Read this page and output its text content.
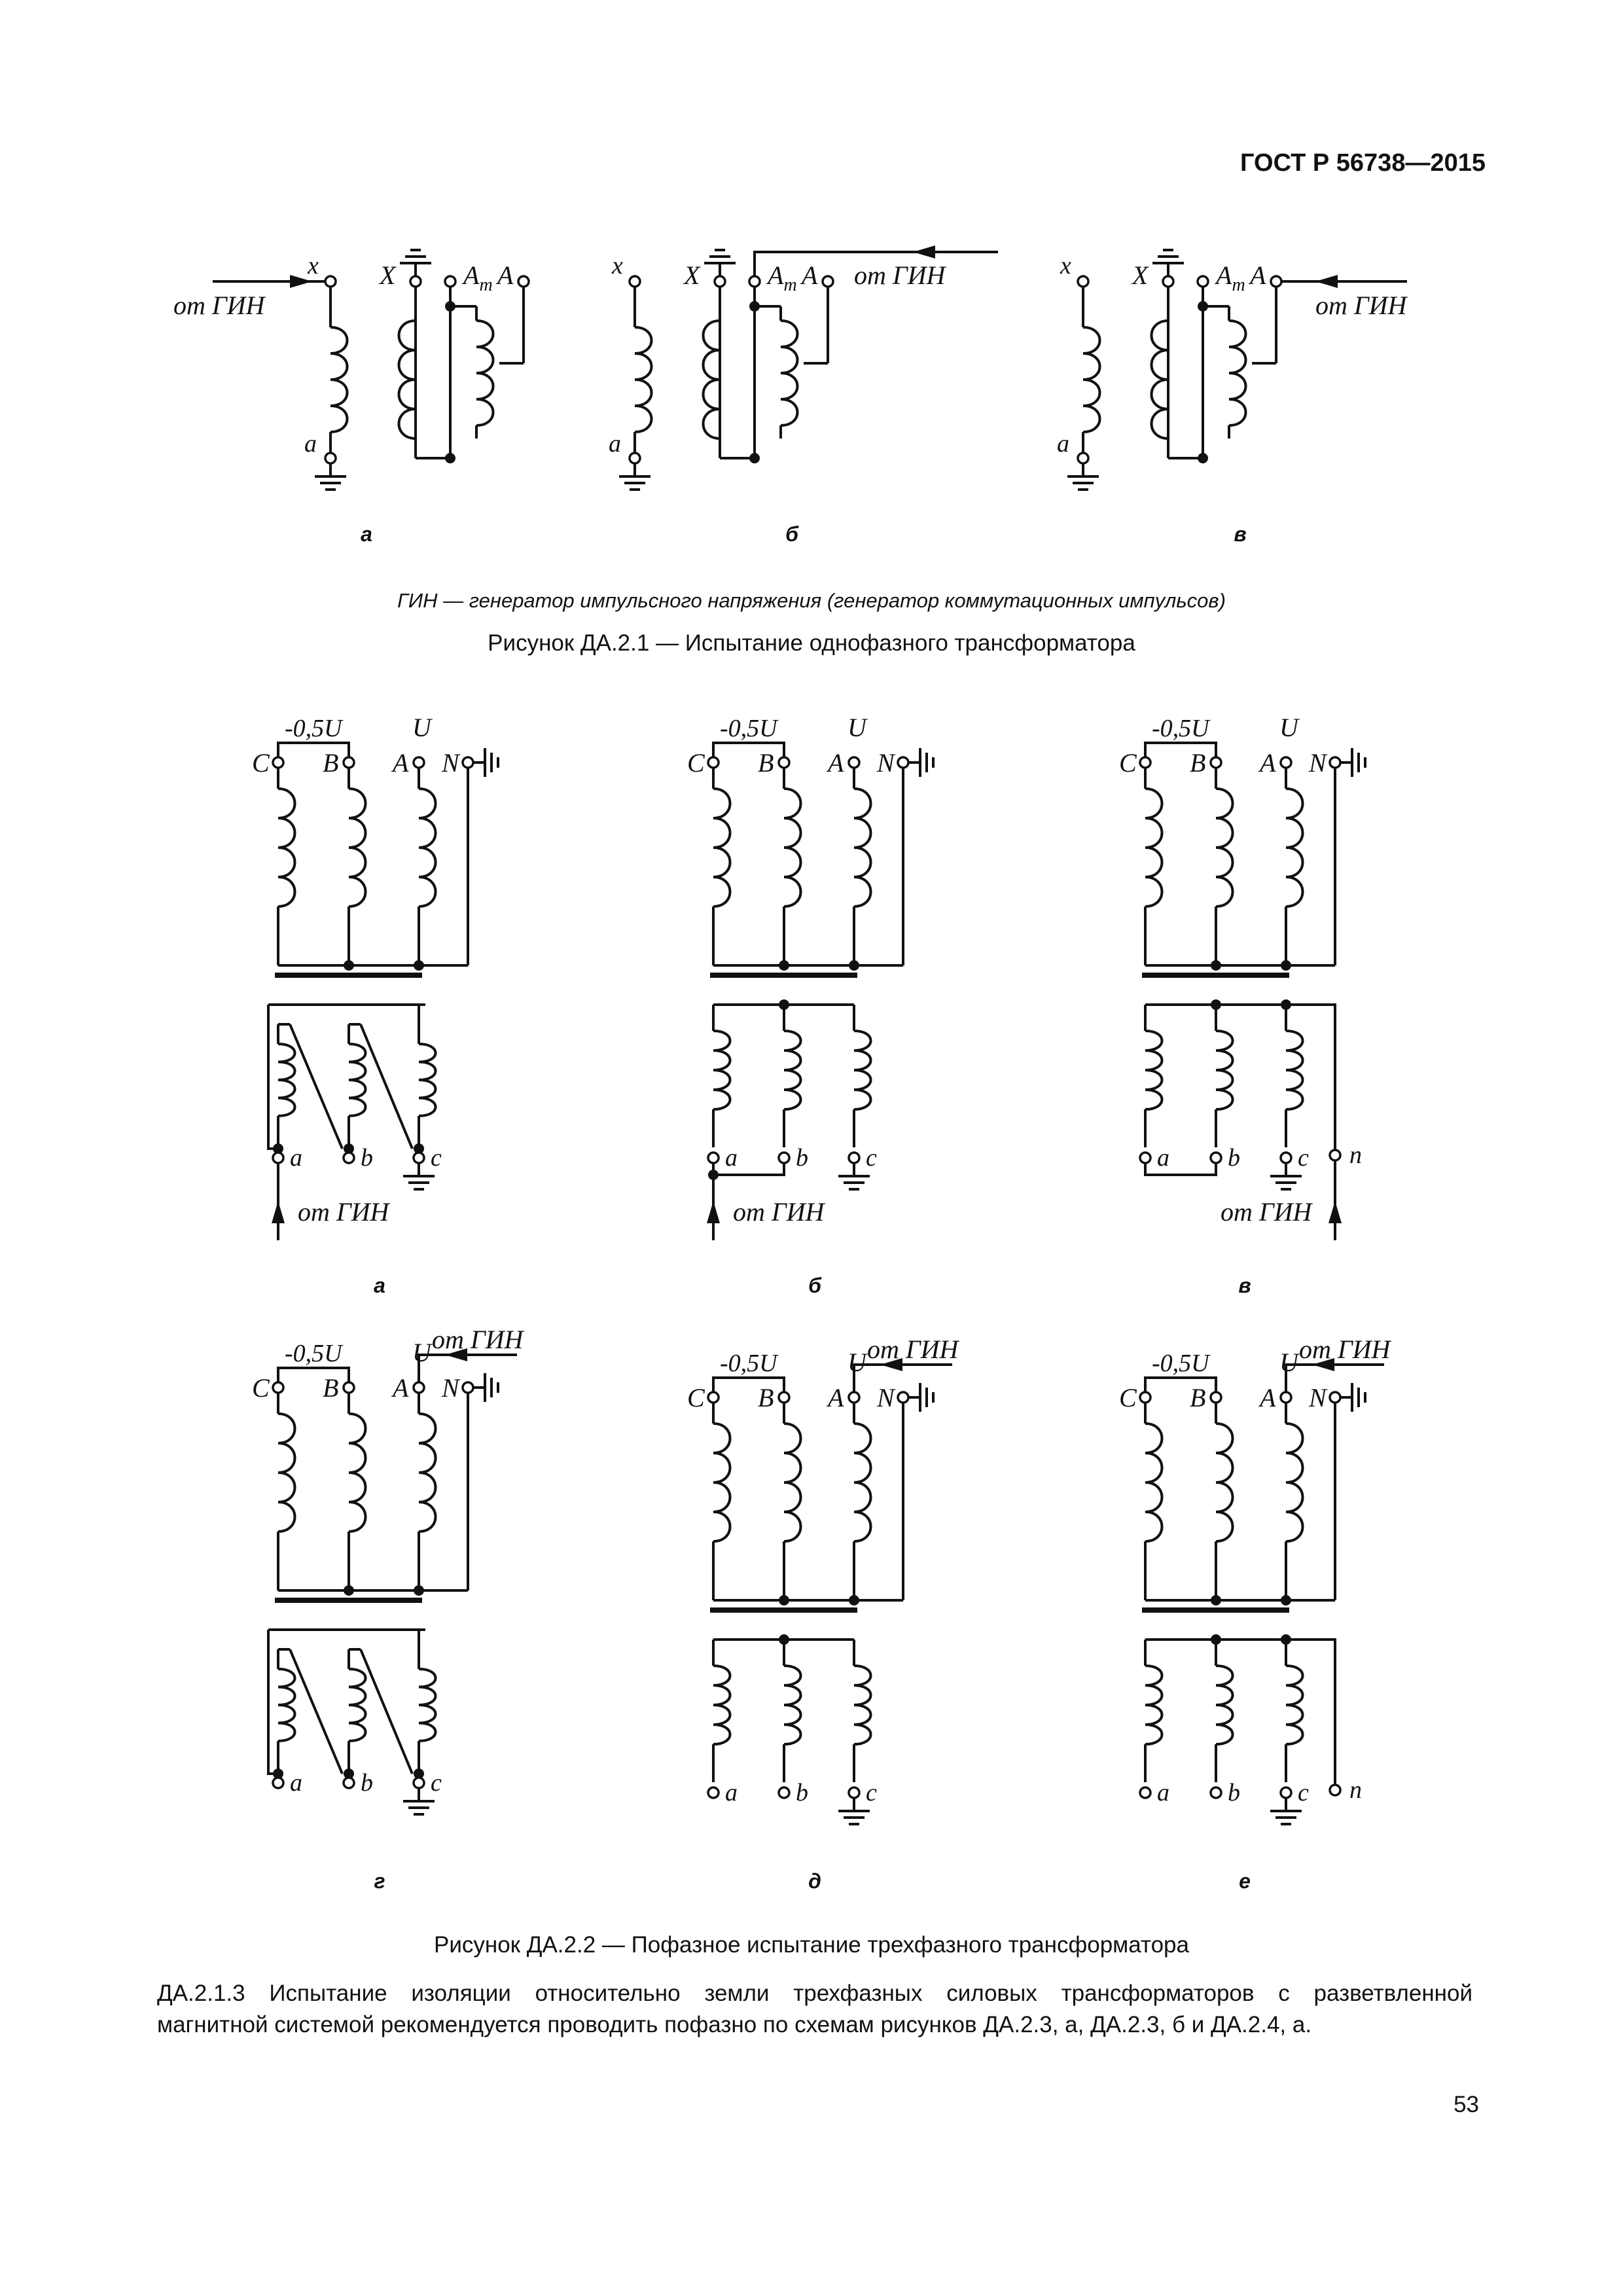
ГОСТ Р 56738—2015
x
a
X	$A_m$ A
от ГИН
x
a
X	$A_m$ A от ГИН	x
a
X	$A_m$ A
от ГИН
-0,5U	U
C B A N
a b c
от ГИН
-0,5U	U
C B A N
a b c
от ГИН
-0,5U	U
C B A N
n
a b c
от ГИН
-0,5U	U
C B A N
от ГИН
a b c
-0,5U	U
C B A N
от ГИН
a b c
-0,5U	U
C B A N
от ГИН
n
a b c
а	б	в
ГИН — генератор импульсного напряжения (генератор коммутационных импульсов)
Рисунок ДА.2.1 — Испытание однофазного трансформатора
а	б	в
г	д	е
Рисунок ДА.2.2 — Пофазное испытание трехфазного трансформатора
ДА.2.1.3 Испытание изоляции относительно земли трехфазных силовых трансформаторов с разветвленной
магнитной системой рекомендуется проводить пофазно по схемам рисунков ДА.2.3, а, ДА.2.3, б и ДА.2.4, а.
53
